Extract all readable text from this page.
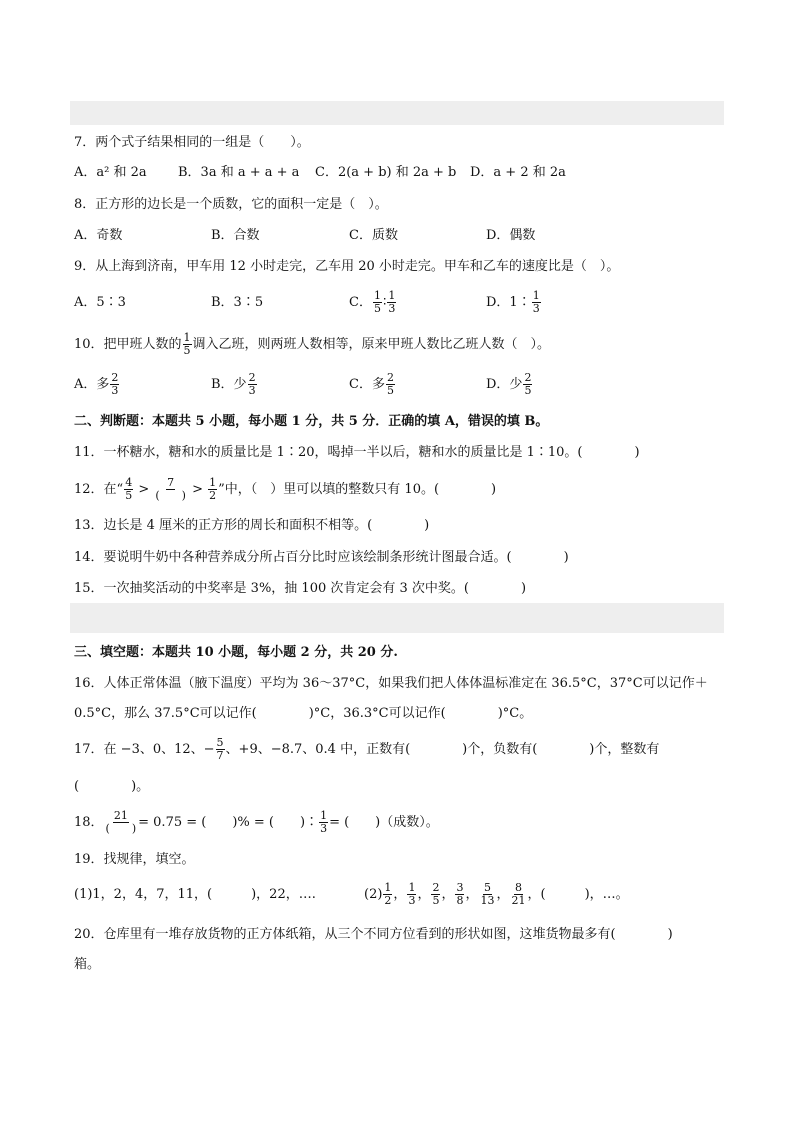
7．两个式子结果相同的一组是（　　）。
A．a² 和 2a B．3a 和 a + a + a C．2(a + b) 和 2a + b D．a + 2 和 2a
8．正方形的边长是一个质数，它的面积一定是（　）。
A．奇数	B．合数	C．质数	D．偶数
9．从上海到济南，甲车用 12 小时走完，乙车用 20 小时走完。甲车和乙车的速度比是（　）。
A．5∶3	B．3∶5	C． $\frac{1}{5}$ ∶ $\frac{1}{3}$	D．1∶ $\frac{1}{3}$
10．把甲班人数的 $\frac{1}{5}$ 调入乙班，则两班人数相等，原来甲班人数比乙班人数（　）。
A．多 $\frac{2}{3}$	B．少 $\frac{2}{3}$	C．多 $\frac{2}{5}$	D．少 $\frac{2}{5}$
二、判断题：本题共 5 小题，每小题 1 分，共 5 分．正确的填 A，错误的填 B。
11．一杯糖水，糖和水的质量比是 1∶20，喝掉一半以后，糖和水的质量比是 1∶10。(　　　　)
12．在“ $\frac{4}{5} > \frac{7}{( )} > \frac{1}{2}$ ”中，（　）里可以填的整数只有 10。(　　　　)
13．边长是 4 厘米的正方形的周长和面积不相等。(　　　　)
14．要说明牛奶中各种营养成分所占百分比时应该绘制条形统计图最合适。(　　　　)
15．一次抽奖活动的中奖率是 3%，抽 100 次肯定会有 3 次中奖。(　　　　)
三、填空题：本题共 10 小题，每小题 2 分，共 20 分.
16．人体正常体温（腋下温度）平均为 36～37°C，如果我们把人体体温标准定在 36.5°C，37°C可以记作＋
0.5°C，那么 37.5°C可以记作(　　　　)°C，36.3°C可以记作(　　　　)°C。
17．在 −3、0、12、− $\frac{5}{7}$ 、+9、−8.7、0.4 中，正数有(　　　　)个，负数有(　　　　)个，整数有
(　　　　)。
18． $\frac{21}{( )} = 0.75$ = (　　)% = (　　)∶ $\frac{1}{3}$ = (　　)（成数）。
19．找规律，填空。
(1)1，2，4，7，11，(　　　)，22，….	$(2) \frac{1}{2}$ ， $\frac{1}{3}$ ， $\frac{2}{5}$ ， $\frac{3}{8}$ ， $\frac{5}{13}$ ， $\frac{8}{21}$ ，(　　　)，…。
20．仓库里有一堆存放货物的正方体纸箱，从三个不同方位看到的形状如图，这堆货物最多有(　　　　)
箱。
